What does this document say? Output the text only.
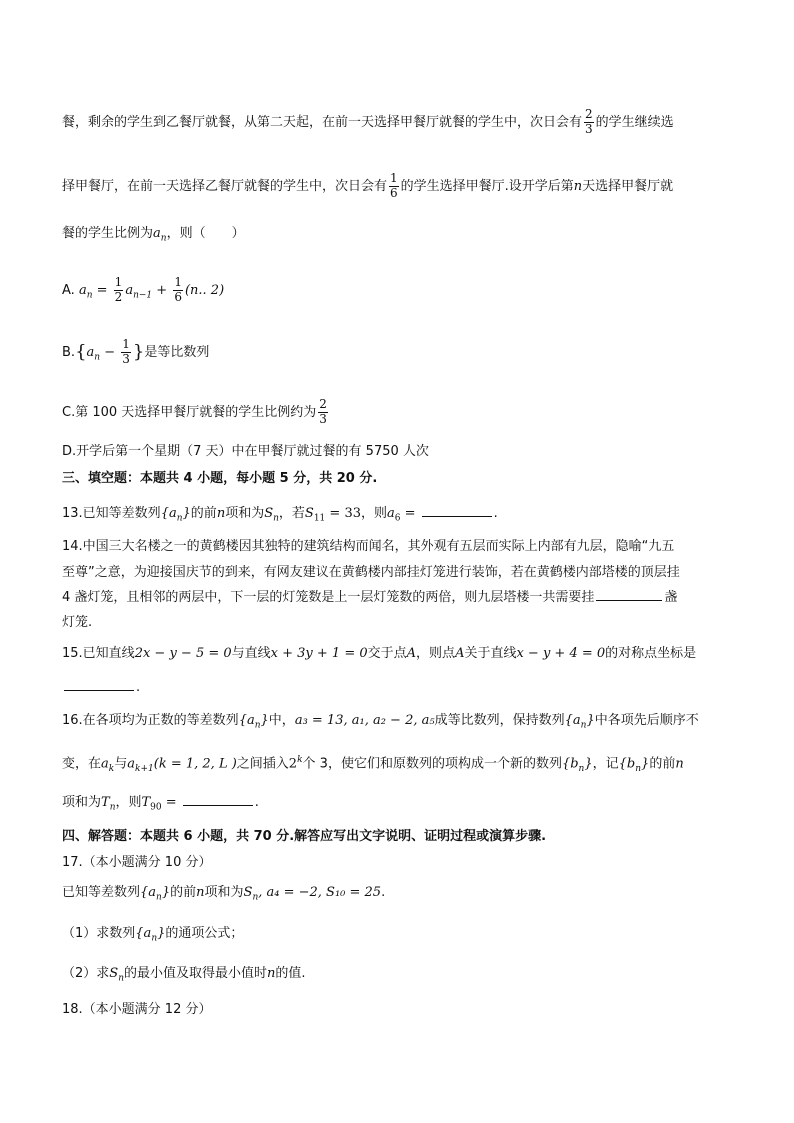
餐，剩余的学生到乙餐厅就餐，从第二天起，在前一天选择甲餐厅就餐的学生中，次日会有 $\frac{2}{3}$ 的学生继续选
择甲餐厅，在前一天选择乙餐厅就餐的学生中，次日会有 $\frac{1}{6}$ 的学生选择甲餐厅.设开学后第n天选择甲餐厅就
餐的学生比例为$a_n$，则（　　）
A. $a_n = \frac{1}{2} a_{n-1} + \frac{1}{6} (n$.. 2)
$B.\{a_n - \frac{1}{3}$ }是等比数列
C.第 100 天选择甲餐厅就餐的学生比例约为 $\frac{2}{3}$
D.开学后第一个星期（7 天）中在甲餐厅就过餐的有 5750 人次
三、填空题：本题共 4 小题，每小题 5 分，共 20 分.
13.已知等差数列$\{a_n\}$的前n项和为$S_n$，若$S_{11} = 33$，则$a_6$ =	.
14.中国三大名楼之一的黄鹤楼因其独特的建筑结构而闻名，其外观有五层而实际上内部有九层，隐喻“九五
至尊”之意，为迎接国庆节的到来，有网友建议在黄鹤楼内部挂灯笼进行装饰，若在黄鹤楼内部塔楼的顶层挂
4 盏灯笼，且相邻的两层中，下一层的灯笼数是上一层灯笼数的两倍，则九层塔楼一共需要挂	盏
灯笼.
15.已知直线2x − y − 5 = 0与直线x + 3y + 1 = 0交于点A，则点A关于直线x − y + 4 = 0的对称点坐标是
.
16.在各项均为正数的等差数列$\{a_n\}$中，a₃ = 13, a₁, a₂ − 2, a₅成等比数列，保持数列$\{a_n\}$中各项先后顺序不
变，在$a_k$与$a_{k+1}(k = 1$, 2, L )之间插入2$^k$个 3，使它们和原数列的项构成一个新的数列$\{b_n\}$，记$\{b_n\}$的前n
项和为$T_n$，则$T_{90}$ =	.
四、解答题：本题共 6 小题，共 70 分.解答应写出文字说明、证明过程或演算步骤.
17.（本小题满分 10 分）
已知等差数列$\{a_n\}$的前n项和为$S_n$, a₄ = −2, S₁₀ = 25.
（1）求数列$\{a_n\}$的通项公式；
（2）求$S_n$的最小值及取得最小值时n的值.
18.（本小题满分 12 分）
